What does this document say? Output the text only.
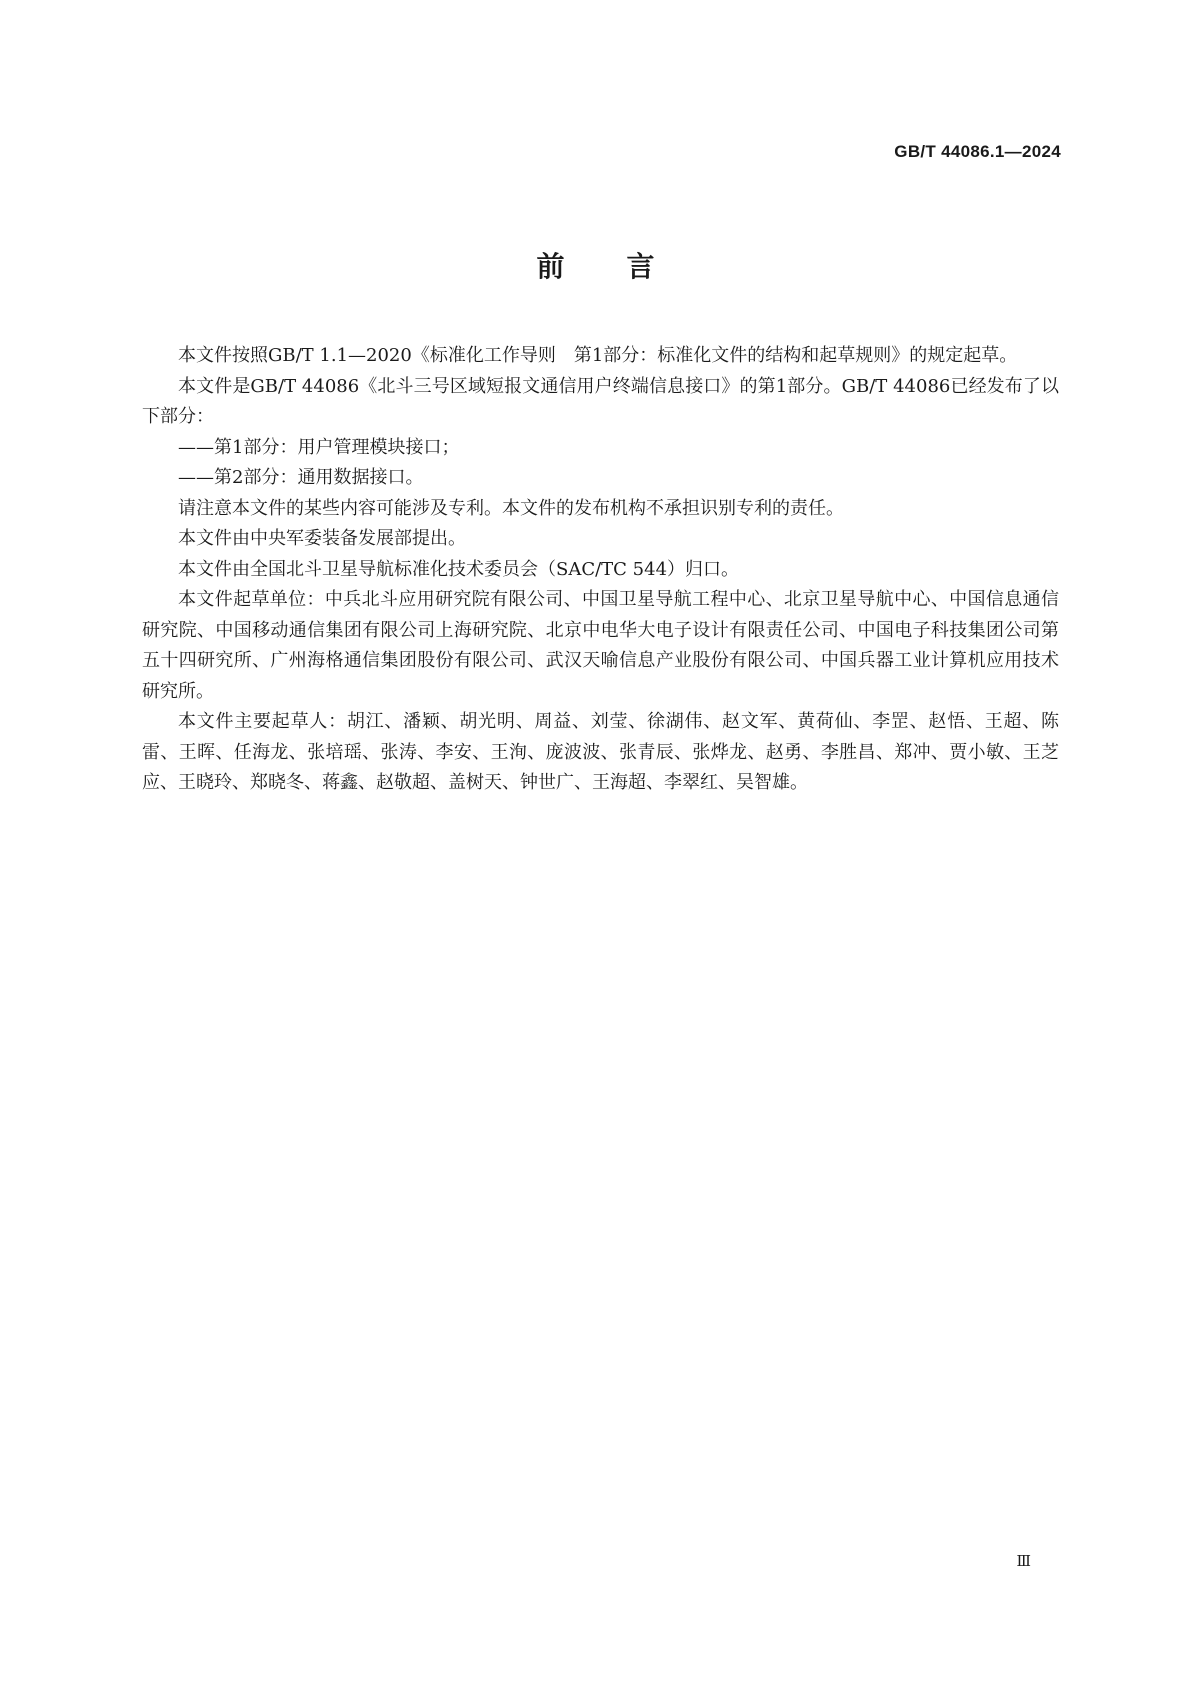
GB/T 44086.1—2024
前言

本文件按照GB/T 1.1—2020《标准化工作导则　第1部分：标准化文件的结构和起草规则》的规定起草。

本文件是GB/T 44086《北斗三号区域短报文通信用户终端信息接口》的第1部分。GB/T 44086已经发布了以下部分：

——第1部分：用户管理模块接口；

——第2部分：通用数据接口。

请注意本文件的某些内容可能涉及专利。本文件的发布机构不承担识别专利的责任。

本文件由中央军委装备发展部提出。

本文件由全国北斗卫星导航标准化技术委员会（SAC/TC 544）归口。

本文件起草单位：中兵北斗应用研究院有限公司、中国卫星导航工程中心、北京卫星导航中心、中国信息通信研究院、中国移动通信集团有限公司上海研究院、北京中电华大电子设计有限责任公司、中国电子科技集团公司第五十四研究所、广州海格通信集团股份有限公司、武汉天喻信息产业股份有限公司、中国兵器工业计算机应用技术研究所。

本文件主要起草人：胡江、潘颖、胡光明、周益、刘莹、徐湖伟、赵文军、黄荷仙、李罡、赵悟、王超、陈雷、王晖、任海龙、张培瑶、张涛、李安、王洵、庞波波、张青辰、张烨龙、赵勇、李胜昌、郑冲、贾小敏、王芝应、王晓玲、郑晓冬、蒋鑫、赵敬超、盖树天、钟世广、王海超、李翠红、吴智雄。

Ⅲ
